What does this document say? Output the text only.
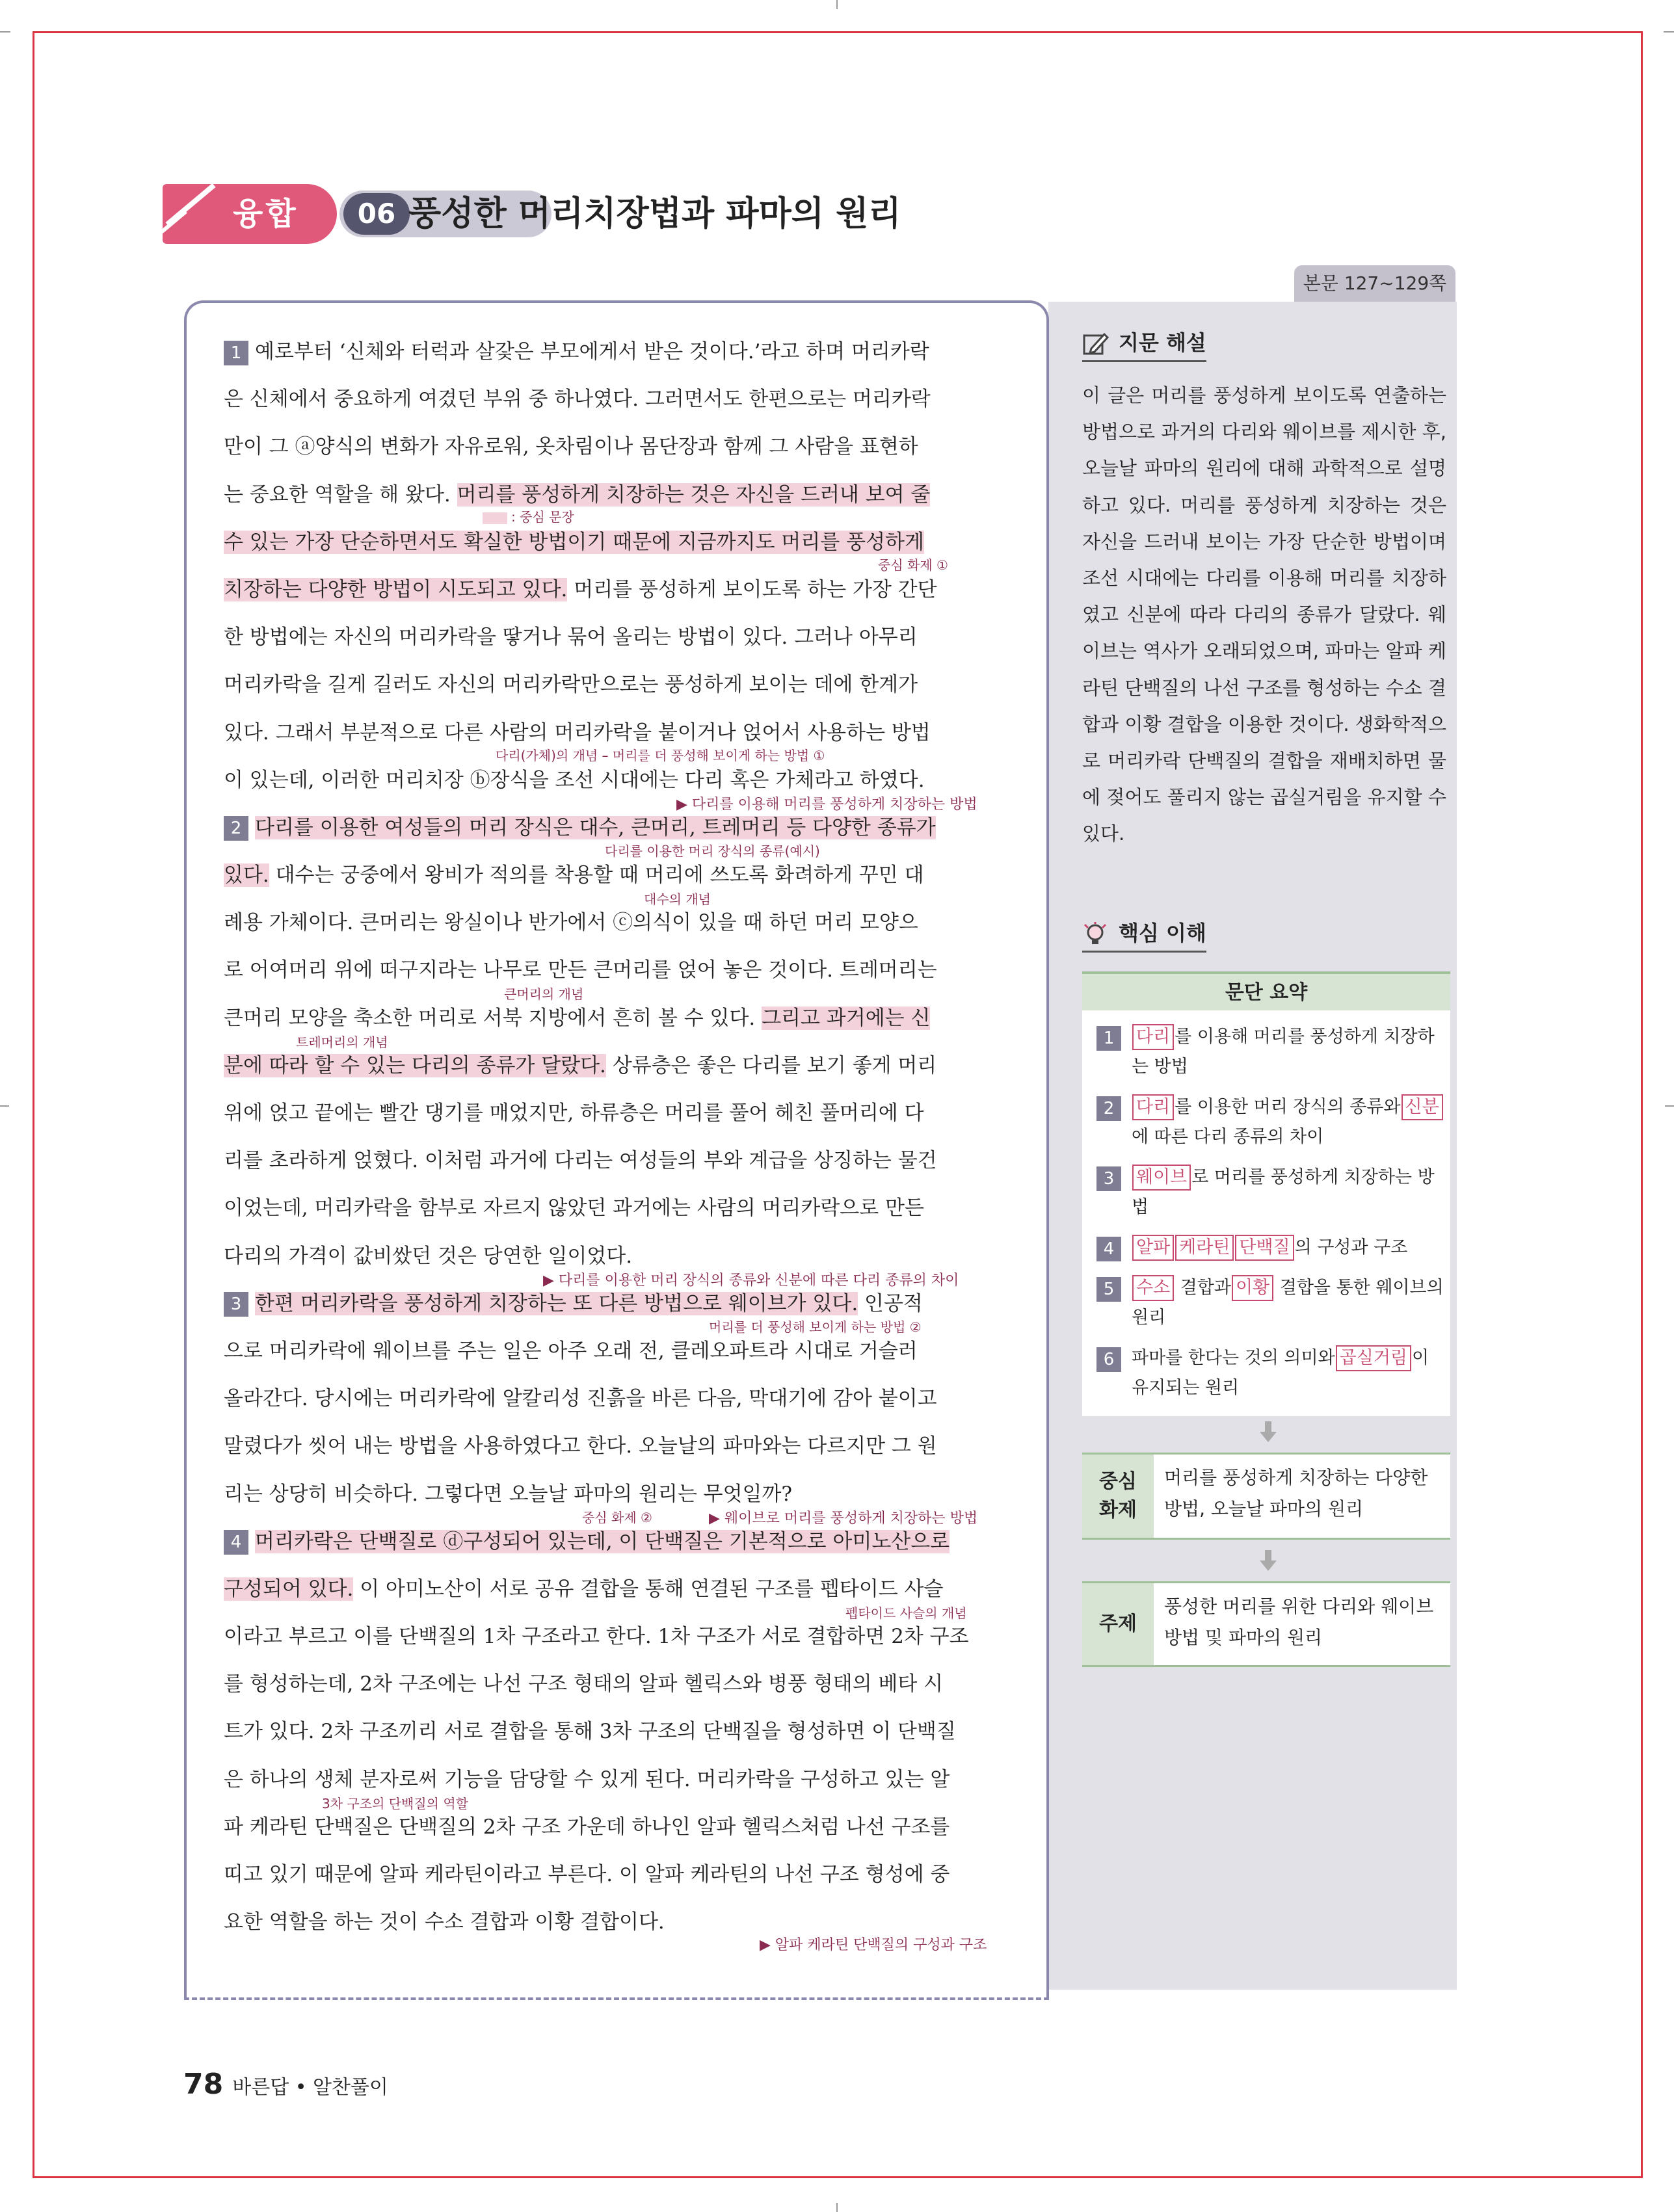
융합	06 풍성한 머리치장법과 파마의 원리
본문 127~129쪽
1 예로부터 ‘신체와 터럭과 살갗은 부모에게서 받은 것이다.’라고 하며 머리카락
은 신체에서 중요하게 여겼던 부위 중 하나였다. 그러면서도 한편으로는 머리카락
만이 그 ⓐ양식의 변화가 자유로워, 옷차림이나 몸단장과 함께 그 사람을 표현하
는 중요한 역할을 해 왔다. 머리를 풍성하게 치장하는 것은 자신을 드러내 보여 줄
수 있는 가장 단순하면서도 확실한 방법이기 때문에 지금까지도 머리를 풍성하게
치장하는 다양한 방법이 시도되고 있다. 머리를 풍성하게 보이도록 하는 가장 간단
한 방법에는 자신의 머리카락을 땋거나 묶어 올리는 방법이 있다. 그러나 아무리
머리카락을 길게 길러도 자신의 머리카락만으로는 풍성하게 보이는 데에 한계가
있다. 그래서 부분적으로 다른 사람의 머리카락을 붙이거나 얹어서 사용하는 방법
이 있는데, 이러한 머리치장 ⓑ장식을 조선 시대에는 다리 혹은 가체라고 하였다.
2 다리를 이용한 여성들의 머리 장식은 대수, 큰머리, 트레머리 등 다양한 종류가
있다. 대수는 궁중에서 왕비가 적의를 착용할 때 머리에 쓰도록 화려하게 꾸민 대
례용 가체이다. 큰머리는 왕실이나 반가에서 ⓒ의식이 있을 때 하던 머리 모양으
로 어여머리 위에 떠구지라는 나무로 만든 큰머리를 얹어 놓은 것이다. 트레머리는
큰머리 모양을 축소한 머리로 서북 지방에서 흔히 볼 수 있다. 그리고 과거에는 신
분에 따라 할 수 있는 다리의 종류가 달랐다. 상류층은 좋은 다리를 보기 좋게 머리
위에 얹고 끝에는 빨간 댕기를 매었지만, 하류층은 머리를 풀어 헤친 풀머리에 다
리를 초라하게 얹혔다. 이처럼 과거에 다리는 여성들의 부와 계급을 상징하는 물건
이었는데, 머리카락을 함부로 자르지 않았던 과거에는 사람의 머리카락으로 만든
다리의 가격이 값비쌌던 것은 당연한 일이었다.
3 한편 머리카락을 풍성하게 치장하는 또 다른 방법으로 웨이브가 있다. 인공적
으로 머리카락에 웨이브를 주는 일은 아주 오래 전, 클레오파트라 시대로 거슬러
올라간다. 당시에는 머리카락에 알칼리성 진흙을 바른 다음, 막대기에 감아 붙이고
말렸다가 씻어 내는 방법을 사용하였다고 한다. 오늘날의 파마와는 다르지만 그 원
리는 상당히 비슷하다. 그렇다면 오늘날 파마의 원리는 무엇일까?
4 머리카락은 단백질로 ⓓ구성되어 있는데, 이 단백질은 기본적으로 아미노산으로
구성되어 있다. 이 아미노산이 서로 공유 결합을 통해 연결된 구조를 펩타이드 사슬
이라고 부르고 이를 단백질의 1차 구조라고 한다. 1차 구조가 서로 결합하면 2차 구조
를 형성하는데, 2차 구조에는 나선 구조 형태의 알파 헬릭스와 병풍 형태의 베타 시
트가 있다. 2차 구조끼리 서로 결합을 통해 3차 구조의 단백질을 형성하면 이 단백질
은 하나의 생체 분자로써 기능을 담당할 수 있게 된다. 머리카락을 구성하고 있는 알
파 케라틴 단백질은 단백질의 2차 구조 가운데 하나인 알파 헬릭스처럼 나선 구조를
띠고 있기 때문에 알파 케라틴이라고 부른다. 이 알파 케라틴의 나선 구조 형성에 중
요한 역할을 하는 것이 수소 결합과 이황 결합이다.
: 중심 문장
중심 화제 ①
다리(가체)의 개념 – 머리를 더 풍성해 보이게 하는 방법 ①
▶ 다리를 이용해 머리를 풍성하게 치장하는 방법
다리를 이용한 머리 장식의 종류(예시)
대수의 개념
큰머리의 개념
트레머리의 개념
▶ 다리를 이용한 머리 장식의 종류와 신분에 따른 다리 종류의 차이
머리를 더 풍성해 보이게 하는 방법 ②
중심 화제 ②	▶ 웨이브로 머리를 풍성하게 치장하는 방법
펩타이드 사슬의 개념
3차 구조의 단백질의 역할
▶ 알파 케라틴 단백질의 구성과 구조
지문 해설
이 글은 머리를 풍성하게 보이도록 연출하는 방법으로 과거의 다리와 웨이브를 제시한 후, 오늘날 파마의 원리에 대해 과학적으로 설명하고 있다. 머리를 풍성하게 치장하는 것은 자신을 드러내 보이는 가장 단순한 방법이며 조선 시대에는 다리를 이용해 머리를 치장하였고 신분에 따라 다리의 종류가 달랐다. 웨이브는 역사가 오래되었으며, 파마는 알파 케라틴 단백질의 나선 구조를 형성하는 수소 결합과 이황 결합을 이용한 것이다. 생화학적으로 머리카락 단백질의 결합을 재배치하면 물에 젖어도 풀리지 않는 곱실거림을 유지할 수 있다.
핵심 이해
문단 요약
1	다리 를 이용해 머리를 풍성하게 치장하는 방법
2	다리 를 이용한 머리 장식의 종류와 신분에 따른 다리 종류의 차이
3	웨이브 로 머리를 풍성하게 치장하는 방법
4	알파 케라틴 단백질 의 구성과 구조
5	수소 결합과 이황 결합을 통한 웨이브의 원리
6 파마를 한다는 것의 의미와 곱실거림 이 유지되는 원리
중심 화제
머리를 풍성하게 치장하는 다양한 방법, 오늘날 파마의 원리
주제
풍성한 머리를 위한 다리와 웨이브 방법 및 파마의 원리
78 바른답 • 알찬풀이
